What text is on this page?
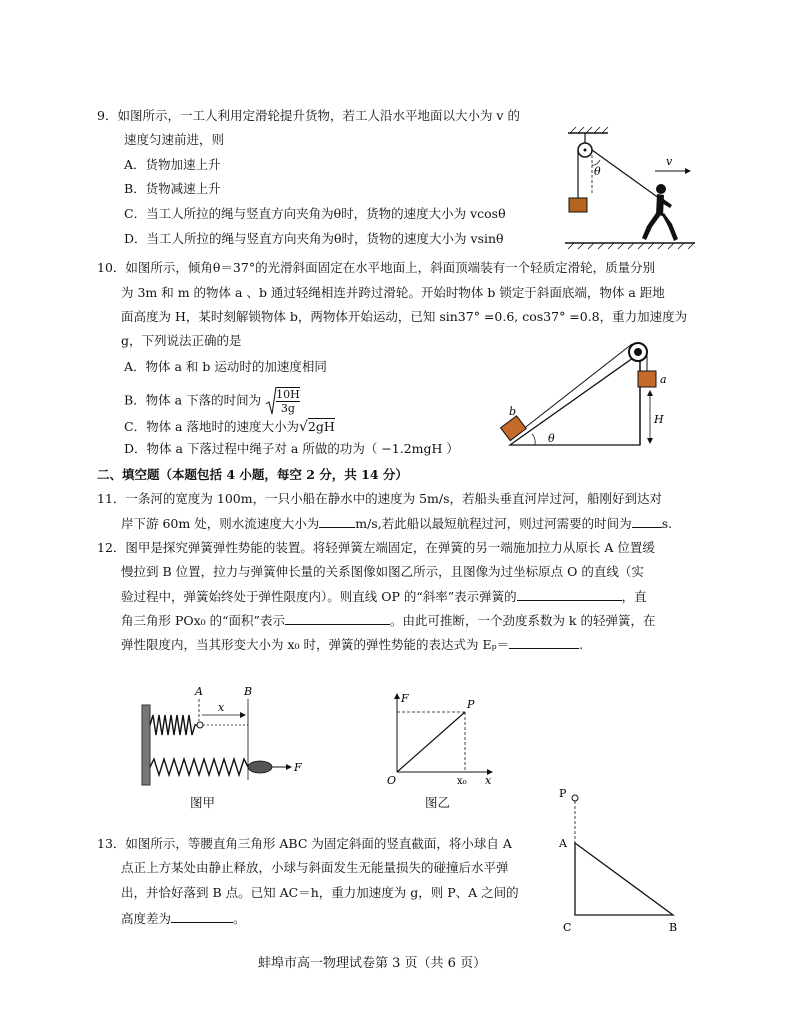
9．如图所示，一工人利用定滑轮提升货物，若工人沿水平地面以大小为 v 的
速度匀速前进，则
A．货物加速上升
B．货物减速上升
C．当工人所拉的绳与竖直方向夹角为θ时，货物的速度大小为 vcosθ
D．当工人所拉的绳与竖直方向夹角为θ时，货物的速度大小为 vsinθ
θ
v
10．如图所示，倾角θ＝37°的光滑斜面固定在水平地面上，斜面顶端装有一个轻质定滑轮，质量分别
为 3m 和 m 的物体 a 、b 通过轻绳相连并跨过滑轮。开始时物体 b 锁定于斜面底端，物体 a 距地
面高度为 H，某时刻解锁物体 b，两物体开始运动，已知 sin37° =0.6, cos37° =0.8，重力加速度为
g，下列说法正确的是
A．物体 a 和 b 运动时的加速度相同
B．物体 a 下落的时间为 $\frac{10H}{3g}$
C．物体 a 落地时的速度大小为√2gH
D．物体 a 下落过程中绳子对 a 所做的功为（ −1.2mgH ）
a
b
θ
H
二、填空题（本题包括 4 小题，每空 2 分，共 14 分）
11．一条河的宽度为 100m，一只小船在静水中的速度为 5m/s，若船头垂直河岸过河，船刚好到达对
岸下游 60m 处，则水流速度大小为	m/s,若此船以最短航程过河，则过河需要的时间为 s.
12．图甲是探究弹簧弹性势能的装置。将轻弹簧左端固定，在弹簧的另一端施加拉力从原长 A 位置缓
慢拉到 B 位置，拉力与弹簧伸长量的关系图像如图乙所示，且图像为过坐标原点 O 的直线（实
验过程中，弹簧始终处于弹性限度内）。则直线 OP 的“斜率”表示弹簧的	，直
角三角形 POx₀ 的“面积”表示	。由此可推断，一个劲度系数为 k 的轻弹簧，在
弹性限度内，当其形变大小为 x₀ 时，弹簧的弹性势能的表达式为 Eₚ＝	.
A	B
x
F
图甲
F	P
O	x₀ x
图乙
13．如图所示，等腰直角三角形 ABC 为固定斜面的竖直截面，将小球自 A
点正上方某处由静止释放，小球与斜面发生无能量损失的碰撞后水平弹
出，并恰好落到 B 点。已知 AC＝h，重力加速度为 g，则 P、A 之间的
高度差为	。
P
A
C	B
蚌埠市高一物理试卷第 3 页（共 6 页）
